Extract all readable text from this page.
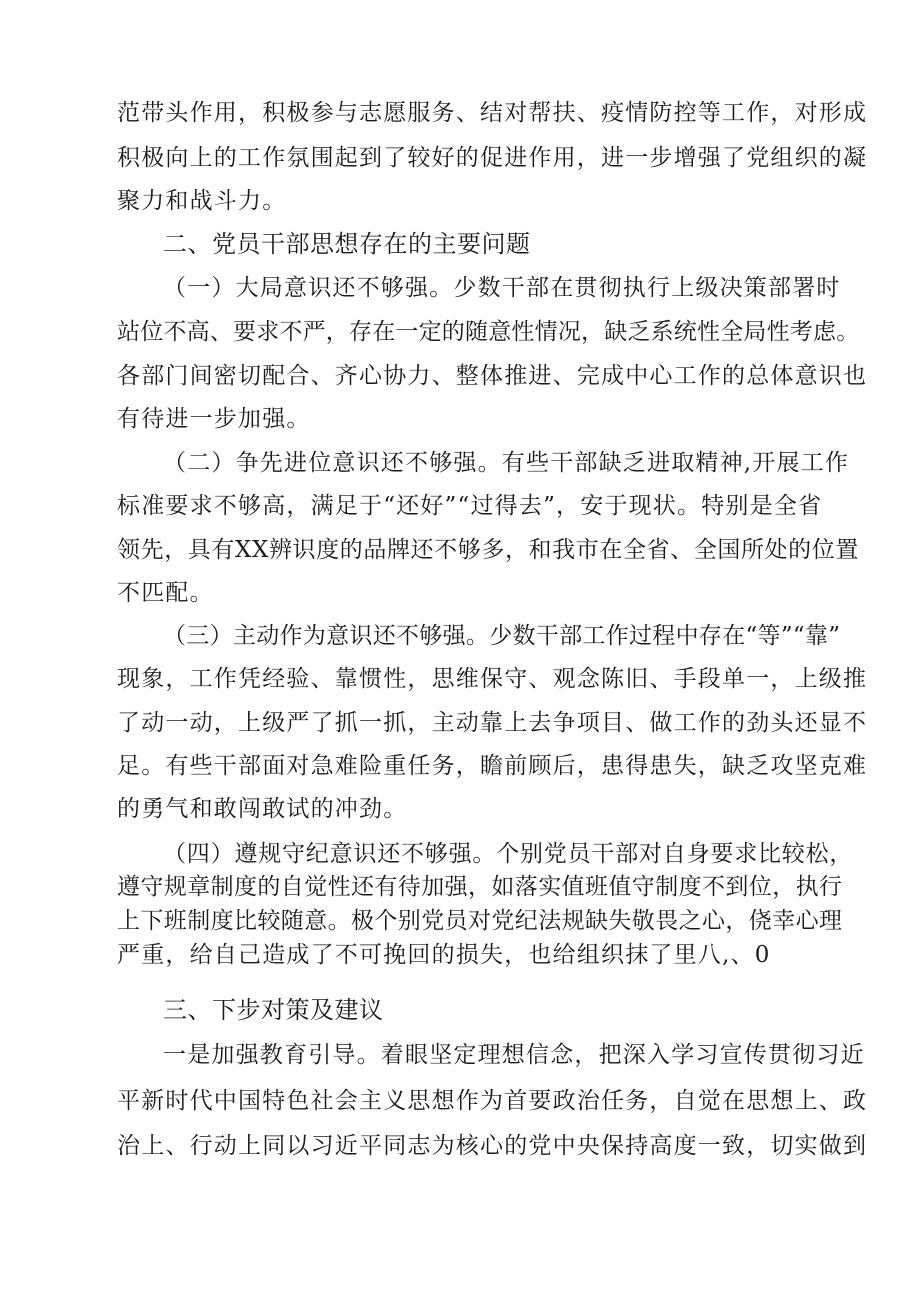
范带头作用，积极参与志愿服务、结对帮扶、疫情防控等工作，对形成
积极向上的工作氛围起到了较好的促进作用，进一步增强了党组织的凝
聚力和战斗力。
二、党员干部思想存在的主要问题
（一）大局意识还不够强。少数干部在贯彻执行上级决策部署时
站位不高、要求不严，存在一定的随意性情况，缺乏系统性全局性考虑。
各部门间密切配合、齐心协力、整体推进、完成中心工作的总体意识也
有待进一步加强。
（二）争先进位意识还不够强。有些干部缺乏进取精神,开展工作
标准要求不够高，满足于“还好”“过得去”，安于现状。特别是全省
领先，具有XX辨识度的品牌还不够多，和我市在全省、全国所处的位置
不匹配。
（三）主动作为意识还不够强。少数干部工作过程中存在“等”“靠”
现象，工作凭经验、靠惯性，思维保守、观念陈旧、手段单一，上级推
了动一动，上级严了抓一抓，主动靠上去争项目、做工作的劲头还显不
足。有些干部面对急难险重任务，瞻前顾后，患得患失，缺乏攻坚克难
的勇气和敢闯敢试的冲劲。
（四）遵规守纪意识还不够强。个别党员干部对自身要求比较松，
遵守规章制度的自觉性还有待加强，如落实值班值守制度不到位，执行
上下班制度比较随意。极个别党员对党纪法规缺失敬畏之心，侥幸心理
严重，给自己造成了不可挽回的损失，也给组织抹了里八,、0
三、下步对策及建议
一是加强教育引导。着眼坚定理想信念，把深入学习宣传贯彻习近
平新时代中国特色社会主义思想作为首要政治任务，自觉在思想上、政
治上、行动上同以习近平同志为核心的党中央保持高度一致，切实做到
